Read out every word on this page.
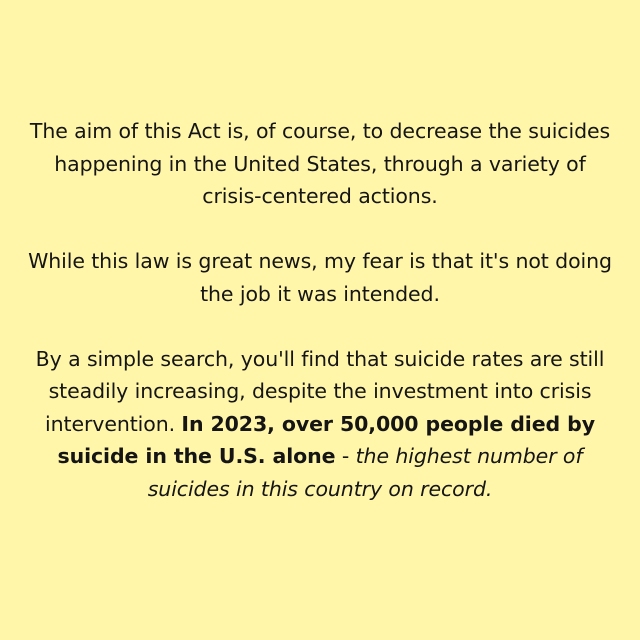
The aim of this Act is, of course, to decrease the suicides happening in the United States, through a variety of crisis-centered actions.

While this law is great news, my fear is that it's not doing the job it was intended.

By a simple search, you'll find that suicide rates are still steadily increasing, despite the investment into crisis intervention. In 2023, over 50,000 people died by suicide in the U.S. alone - the highest number of suicides in this country on record.
